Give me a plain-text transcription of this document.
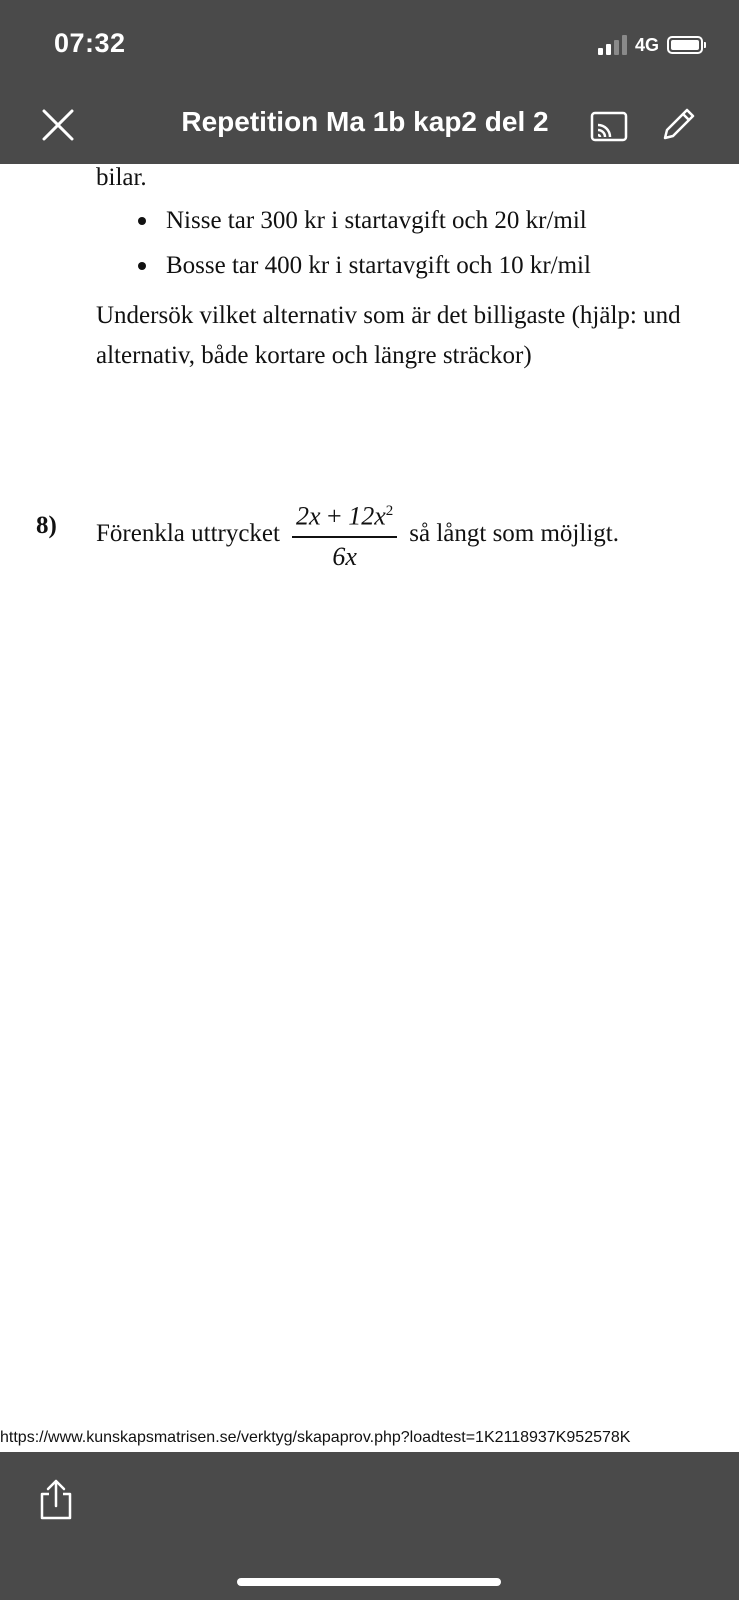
07:32	4G
Repetition Ma 1b kap2 del 2
bilar.
Nisse tar 300 kr i startavgift och 20 kr/mil
Bosse tar 400 kr i startavgift och 10 kr/mil
Undersök vilket alternativ som är det billigaste (hjälp: und
alternativ, både kortare och längre sträckor)
8) Förenkla uttrycket $\frac{2x + 12x^2}{6x}$ så långt som möjligt.
https://www.kunskapsmatrisen.se/verktyg/skapaprov.php?loadtest=1K2118937K952578K
